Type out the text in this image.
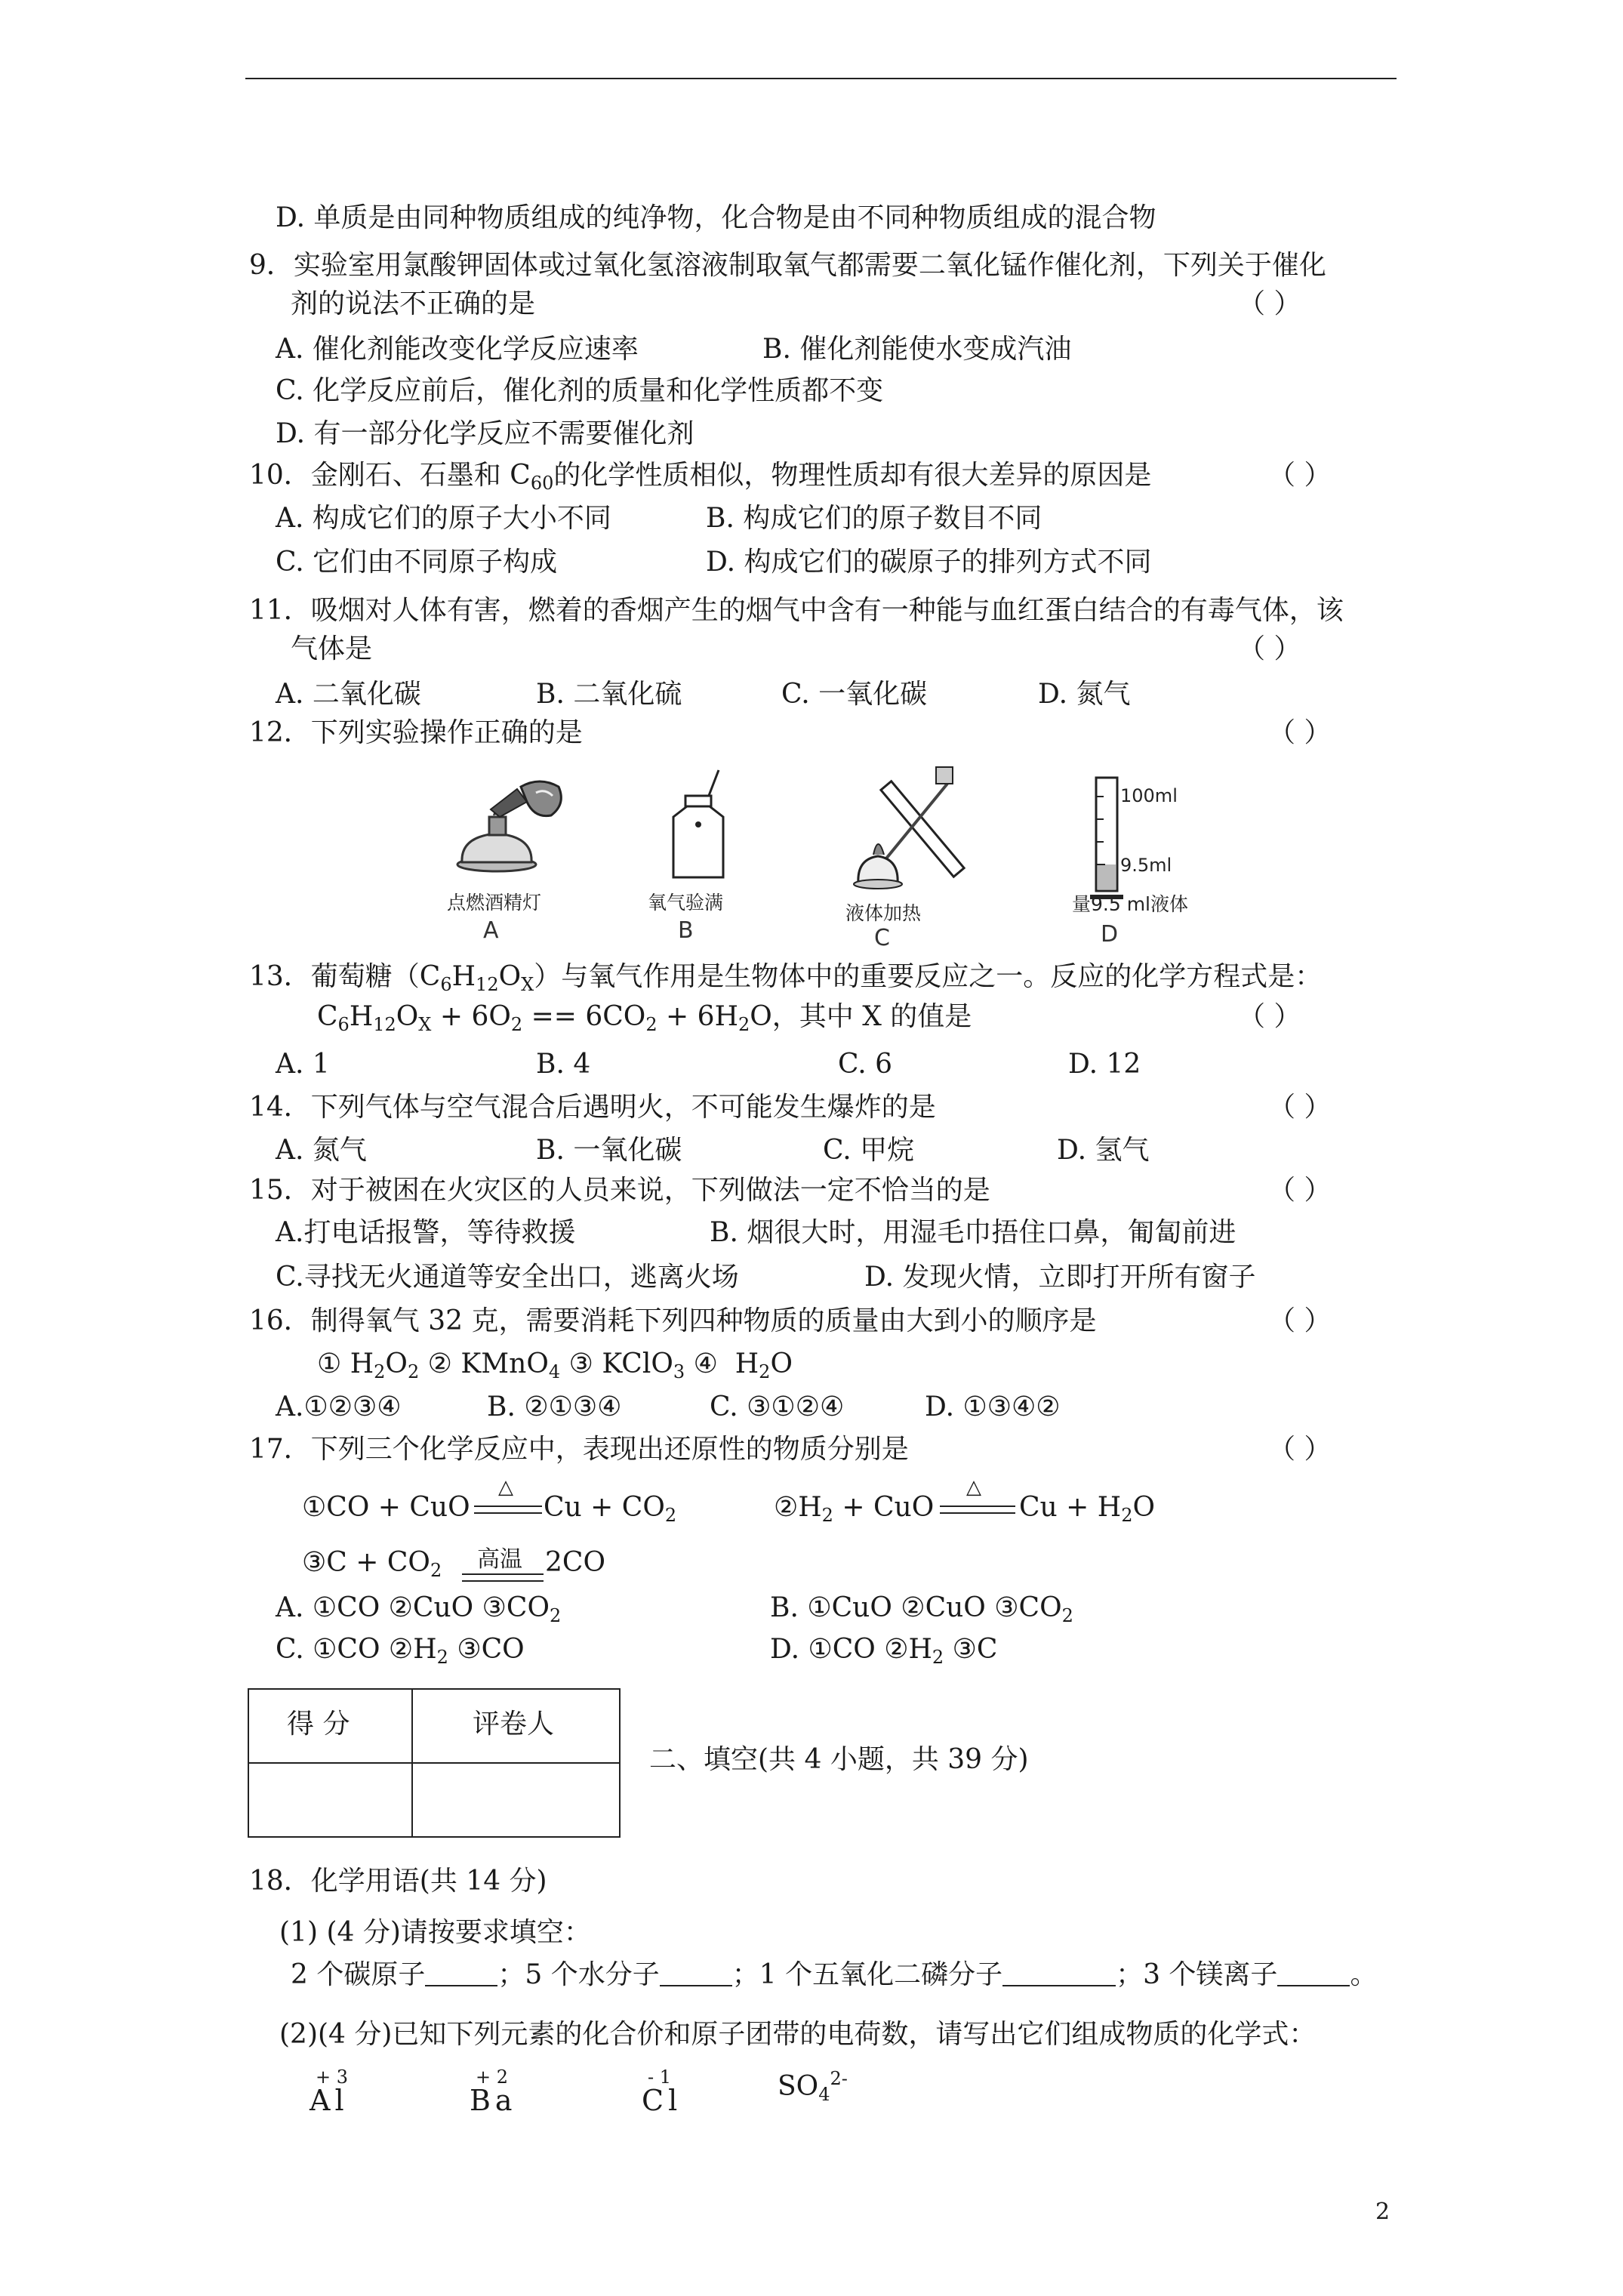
D. 单质是由同种物质组成的纯净物，化合物是由不同种物质组成的混合物
9．实验室用氯酸钾固体或过氧化氢溶液制取氧气都需要二氧化锰作催化剂，下列关于催化
剂的说法不正确的是	（ ）
A. 催化剂能改变化学反应速率	B. 催化剂能使水变成汽油
C. 化学反应前后，催化剂的质量和化学性质都不变
D. 有一部分化学反应不需要催化剂
10．金刚石、石墨和 $C_{60}$的化学性质相似，物理性质却有很大差异的原因是	（ ）
A. 构成它们的原子大小不同	B. 构成它们的原子数目不同
C. 它们由不同原子构成	D. 构成它们的碳原子的排列方式不同
11．吸烟对人体有害，燃着的香烟产生的烟气中含有一种能与血红蛋白结合的有毒气体，该
气体是	（ ）
A. 二氧化碳	B. 二氧化硫	C. 一氧化碳	D. 氮气
12．下列实验操作正确的是	（ ）
点燃酒精灯
A
氧气验满
B
液体加热
C
100ml
9.5ml
量9.5 ml液体
D
13．葡萄糖$(C_6H_{12}O_X)$与氧气作用是生物体中的重要反应之一。反应的化学方程式是：
$C_6H_{12}O_X + 6O_2 == 6CO_2 + 6H_2O$，其中 X 的值是	（ ）
A. 1	B. 4	C. 6	D. 12
14．下列气体与空气混合后遇明火，不可能发生爆炸的是	（ ）
A. 氮气	B. 一氧化碳	C. 甲烷	D. 氢气
15．对于被困在火灾区的人员来说，下列做法一定不恰当的是	（ ）
A.打电话报警，等待救援	B. 烟很大时，用湿毛巾捂住口鼻，匍匐前进
C.寻找无火通道等安全出口，逃离火场	D. 发现火情，立即打开所有窗子
16．制得氧气 32 克，需要消耗下列四种物质的质量由大到小的顺序是	（ ）
① $H_2O_2$ ② KMnO$_4$ ③ KClO$_3$ ④ $H_2O$
A.①②③④	B. ②①③④	C. ③①②④	D. ①③④②
17．下列三个化学反应中，表现出还原性的物质分别是	（ ）
①CO + CuO
△
$Cu + CO_2$	$②H_2$ + CuO
△
$Cu + H_2O$
③C + $CO_2$ 高温 2CO
A. ①CO ②CuO $③CO_2$	B. ①CuO ②CuO $③CO_2$
C. ①CO $②H_2$ ③CO	D. ①CO $②H_2$ ③C
得 分	评卷人
二、填空(共 4 小题，共 39 分)
18．化学用语(共 14 分)
(1) (4 分)请按要求填空：
2 个碳原子	；5 个水分子	；1 个五氧化二磷分子	；3 个镁离子	。
(2)(4 分)已知下列元素的化合价和原子团带的电荷数，请写出它们组成物质的化学式：
+ 3
Al
+ 2
Ba
- 1
Cl	$SO_4^{2-}$
2
